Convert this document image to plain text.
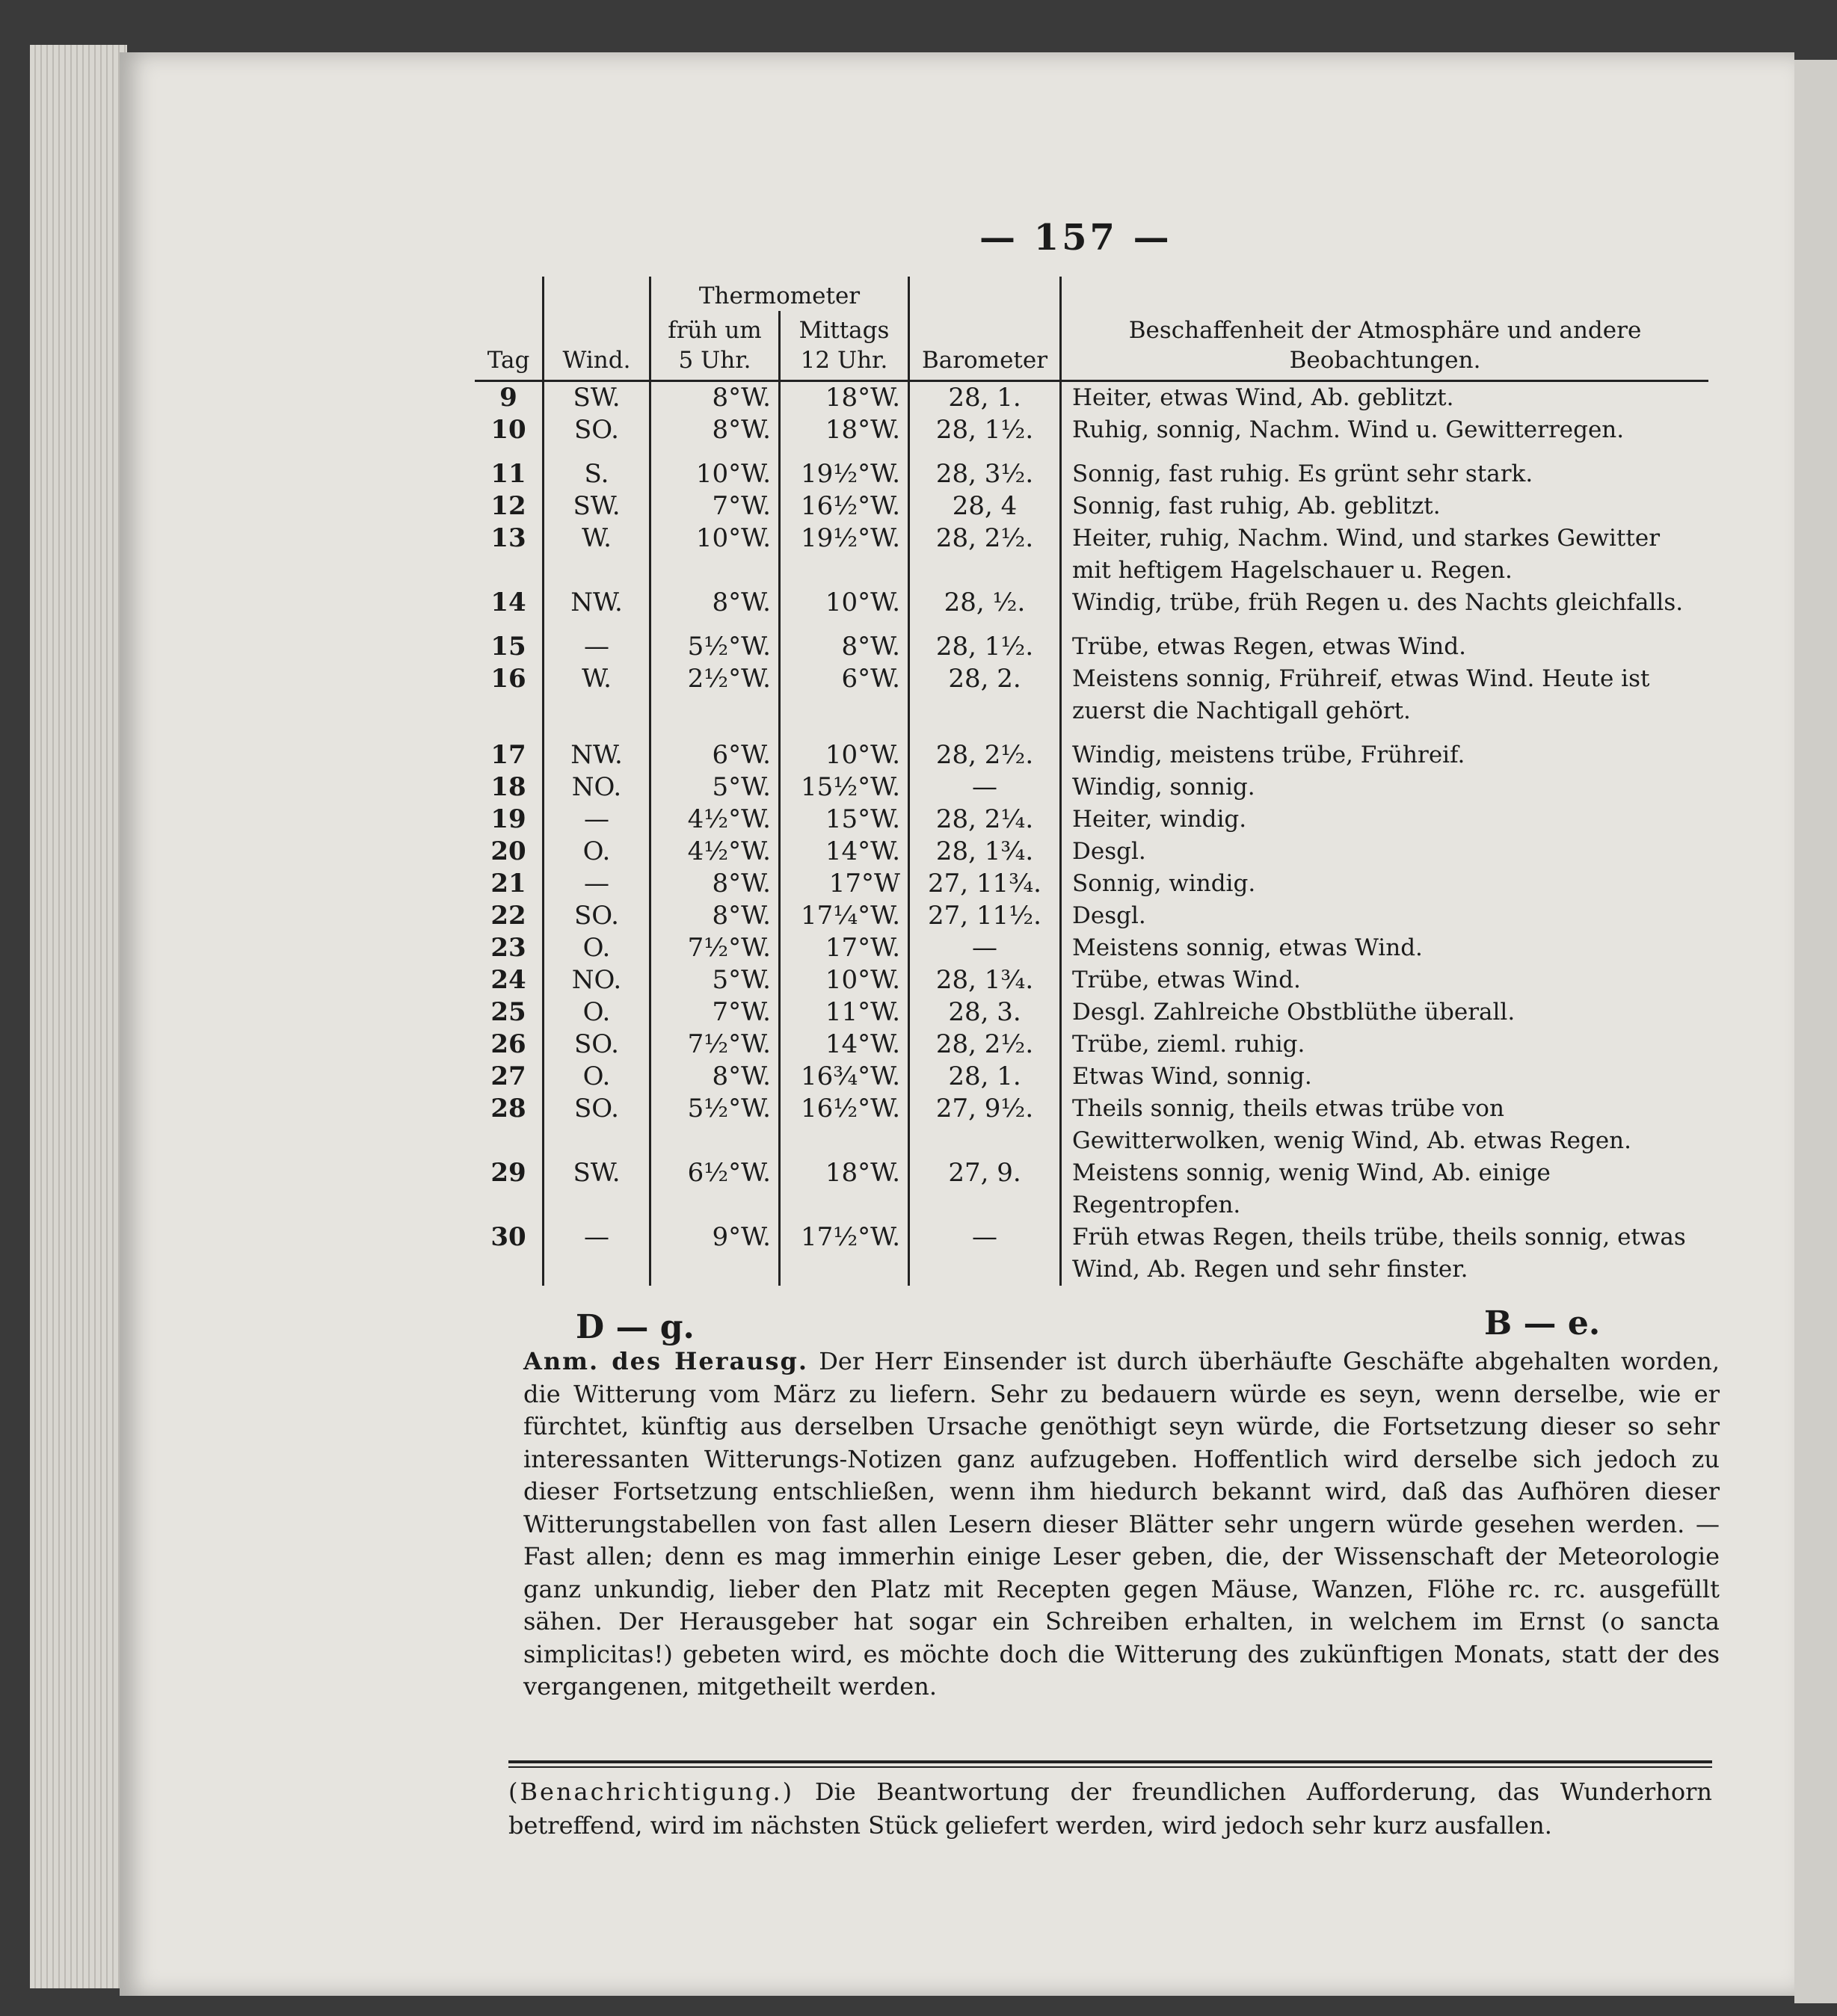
— 157 —
Tag	Wind.	Thermometer		Barometer	Beschaffenheit der Atmosphäre und andere Beobachtungen.
		früh um 5 Uhr.	Mittags 12 Uhr.		
9	SW.	8°W.	18°W.	28, 1.	Heiter, etwas Wind, Ab. geblitzt.
10	SO.	8°W.	18°W.	28, 1½.	Ruhig, sonnig, Nachm. Wind u. Gewitterregen.

11	S.	10°W.	19½°W.	28, 3½.	Sonnig, fast ruhig. Es grünt sehr stark.
12	SW.	7°W.	16½°W.	28, 4	Sonnig, fast ruhig, Ab. geblitzt.
13	W.	10°W.	19½°W.	28, 2½.	Heiter, ruhig, Nachm. Wind, und starkes Gewitter mit heftigem Hagelschauer u. Regen.
14	NW.	8°W.	10°W.	28, ½.	Windig, trübe, früh Regen u. des Nachts gleichfalls.

15	—	5½°W.	8°W.	28, 1½.	Trübe, etwas Regen, etwas Wind.
16	W.	2½°W.	6°W.	28, 2.	Meistens sonnig, Frühreif, etwas Wind. Heute ist zuerst die Nachtigall gehört.

17	NW.	6°W.	10°W.	28, 2½.	Windig, meistens trübe, Frühreif.
18	NO.	5°W.	15½°W.	—	Windig, sonnig.
19	—	4½°W.	15°W.	28, 2¼.	Heiter, windig.
20	O.	4½°W.	14°W.	28, 1¾.	Desgl.
21	—	8°W.	17°W	27, 11¾.	Sonnig, windig.
22	SO.	8°W.	17¼°W.	27, 11½.	Desgl.
23	O.	7½°W.	17°W.	—	Meistens sonnig, etwas Wind.
24	NO.	5°W.	10°W.	28, 1¾.	Trübe, etwas Wind.
25	O.	7°W.	11°W.	28, 3.	Desgl. Zahlreiche Obstblüthe überall.
26	SO.	7½°W.	14°W.	28, 2½.	Trübe, zieml. ruhig.
27	O.	8°W.	16¾°W.	28, 1.	Etwas Wind, sonnig.
28	SO.	5½°W.	16½°W.	27, 9½.	Theils sonnig, theils etwas trübe von Gewitterwolken, wenig Wind, Ab. etwas Regen.
29	SW.	6½°W.	18°W.	27, 9.	Meistens sonnig, wenig Wind, Ab. einige Regentropfen.
30	—	9°W.	17½°W.	—	Früh etwas Regen, theils trübe, theils sonnig, etwas Wind, Ab. Regen und sehr finster.
D — g.	B — e.
Anm. des Herausg. Der Herr Einsender ist durch überhäufte Geschäfte abgehalten worden, die Witterung vom März zu liefern. Sehr zu bedauern würde es seyn, wenn derselbe, wie er fürchtet, künftig aus derselben Ursache genöthigt seyn würde, die Fortsetzung dieser so sehr interessanten Witterungs-Notizen ganz aufzugeben. Hoffentlich wird derselbe sich jedoch zu dieser Fortsetzung entschließen, wenn ihm hiedurch bekannt wird, daß das Aufhören dieser Witterungstabellen von fast allen Lesern dieser Blätter sehr ungern würde gesehen werden. — Fast allen; denn es mag immerhin einige Leser geben, die, der Wissenschaft der Meteorologie ganz unkundig, lieber den Platz mit Recepten gegen Mäuse, Wanzen, Flöhe rc. rc. ausgefüllt sähen. Der Herausgeber hat sogar ein Schreiben erhalten, in welchem im Ernst (o sancta simplicitas!) gebeten wird, es möchte doch die Witterung des zukünftigen Monats, statt der des vergangenen, mitgetheilt werden.
(Benachrichtigung.) Die Beantwortung der freundlichen Aufforderung, das Wunderhorn betreffend, wird im nächsten Stück geliefert werden, wird jedoch sehr kurz ausfallen.
